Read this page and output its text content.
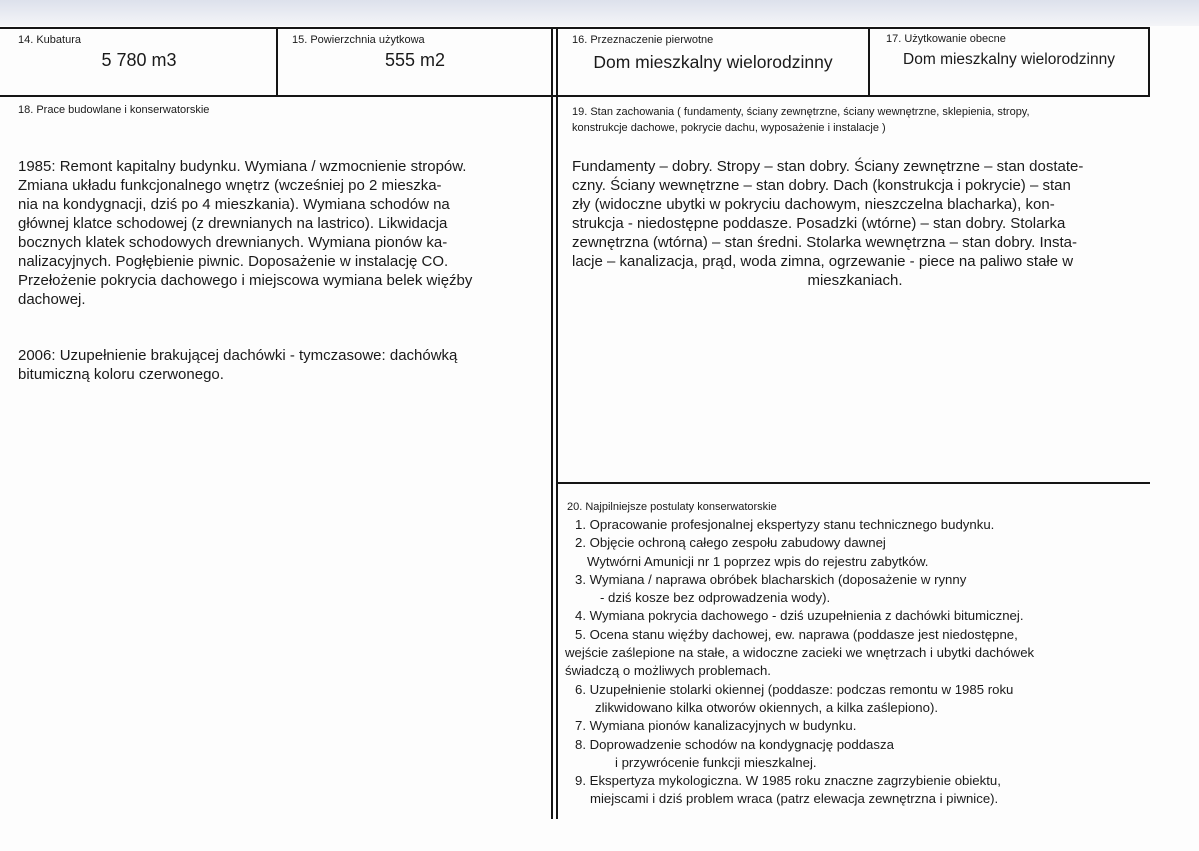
14. Kubatura
5 780 m3
15. Powierzchnia użytkowa
555 m2
16. Przeznaczenie pierwotne
Dom mieszkalny wielorodzinny
17. Użytkowanie obecne
Dom mieszkalny wielorodzinny
18. Prace budowlane i konserwatorskie
1985: Remont kapitalny budynku. Wymiana / wzmocnienie stropów.
Zmiana układu funkcjonalnego wnętrz (wcześniej po 2 mieszka-
nia na kondygnacji, dziś po 4 mieszkania). Wymiana schodów na
głównej klatce schodowej (z drewnianych na lastrico). Likwidacja
bocznych klatek schodowych drewnianych. Wymiana pionów ka-
nalizacyjnych. Pogłębienie piwnic. Doposażenie w instalację CO.
Przełożenie pokrycia dachowego i miejscowa wymiana belek więźby
dachowej.
2006: Uzupełnienie brakującej dachówki - tymczasowe: dachówką
bitumiczną koloru czerwonego.
19. Stan zachowania ( fundamenty, ściany zewnętrzne, ściany wewnętrzne, sklepienia, stropy,
konstrukcje dachowe, pokrycie dachu, wyposażenie i instalacje )
Fundamenty – dobry. Stropy – stan dobry. Ściany zewnętrzne – stan dostate-
czny. Ściany wewnętrzne – stan dobry. Dach (konstrukcja i pokrycie) – stan
zły (widoczne ubytki w pokryciu dachowym, nieszczelna blacharka), kon-
strukcja - niedostępne poddasze. Posadzki (wtórne) – stan dobry. Stolarka
zewnętrzna (wtórna) – stan średni. Stolarka wewnętrzna – stan dobry. Insta-
lacje – kanalizacja, prąd, woda zimna, ogrzewanie - piece na paliwo stałe w
mieszkaniach.
20. Najpilniejsze postulaty konserwatorskie
1. Opracowanie profesjonalnej ekspertyzy stanu technicznego budynku.
2. Objęcie ochroną całego zespołu zabudowy dawnej
Wytwórni Amunicji nr 1 poprzez wpis do rejestru zabytków.
3. Wymiana / naprawa obróbek blacharskich (doposażenie w rynny
- dziś kosze bez odprowadzenia wody).
4. Wymiana pokrycia dachowego - dziś uzupełnienia z dachówki bitumicznej.
5. Ocena stanu więźby dachowej, ew. naprawa (poddasze jest niedostępne,
wejście zaślepione na stałe, a widoczne zacieki we wnętrzach i ubytki dachówek
świadczą o możliwych problemach.
6. Uzupełnienie stolarki okiennej (poddasze: podczas remontu w 1985 roku
zlikwidowano kilka otworów okiennych, a kilka zaślepiono).
7. Wymiana pionów kanalizacyjnych w budynku.
8. Doprowadzenie schodów na kondygnację poddasza
i przywrócenie funkcji mieszkalnej.
9. Ekspertyza mykologiczna. W 1985 roku znaczne zagrzybienie obiektu,
miejscami i dziś problem wraca (patrz elewacja zewnętrzna i piwnice).
